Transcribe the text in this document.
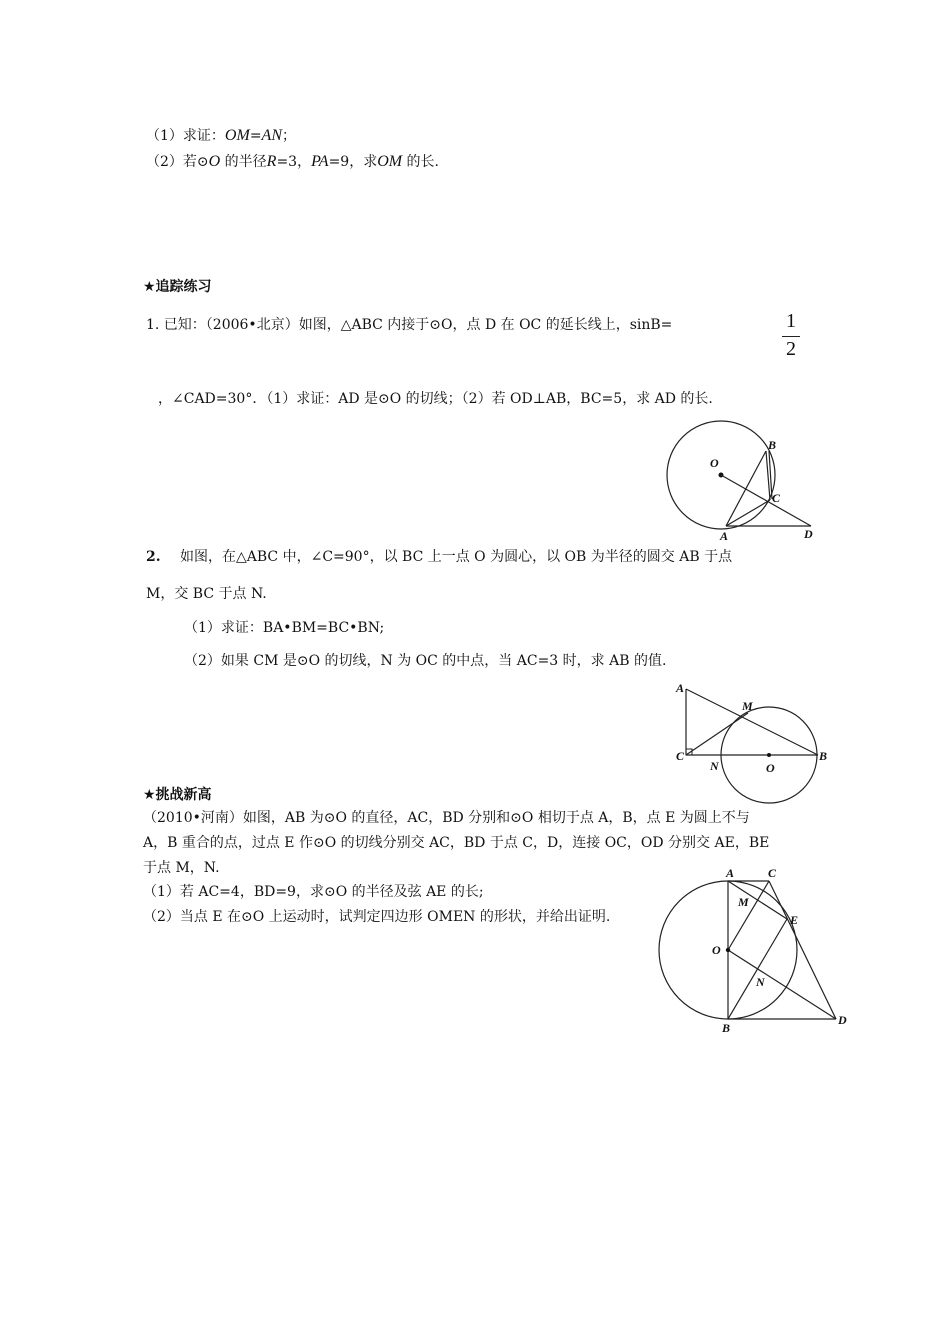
（1）求证：OM=AN；
（2）若⊙O 的半径R=3，PA=9，求OM 的长.
★追踪练习
1. 已知：（2006•北京）如图，△ABC 内接于⊙O，点 D 在 OC 的延长线上，sinB=	1
2
，∠CAD=30°．（1）求证：AD 是⊙O 的切线；（2）若 OD⊥AB，BC=5，求 AD 的长.
O
B
C
A	D
2. 如图，在△ABC 中，∠C=90°，以 BC 上一点 O 为圆心，以 OB 为半径的圆交 AB 于点
M，交 BC 于点 N.
（1）求证：BA•BM=BC•BN;
（2）如果 CM 是⊙O 的切线，N 为 OC 的中点，当 AC=3 时，求 AB 的值.
A
M
C
N	O
B
★挑战新高
（2010•河南）如图，AB 为⊙O 的直径，AC，BD 分别和⊙O 相切于点 A，B，点 E 为圆上不与
A，B 重合的点，过点 E 作⊙O 的切线分别交 AC，BD 于点 C，D，连接 OC，OD 分别交 AE，BE
于点 M，N.
（1）若 AC=4，BD=9，求⊙O 的半径及弦 AE 的长;
（2）当点 E 在⊙O 上运动时，试判定四边形 OMEN 的形状，并给出证明.
A	C
M
E
O
N
B
D
